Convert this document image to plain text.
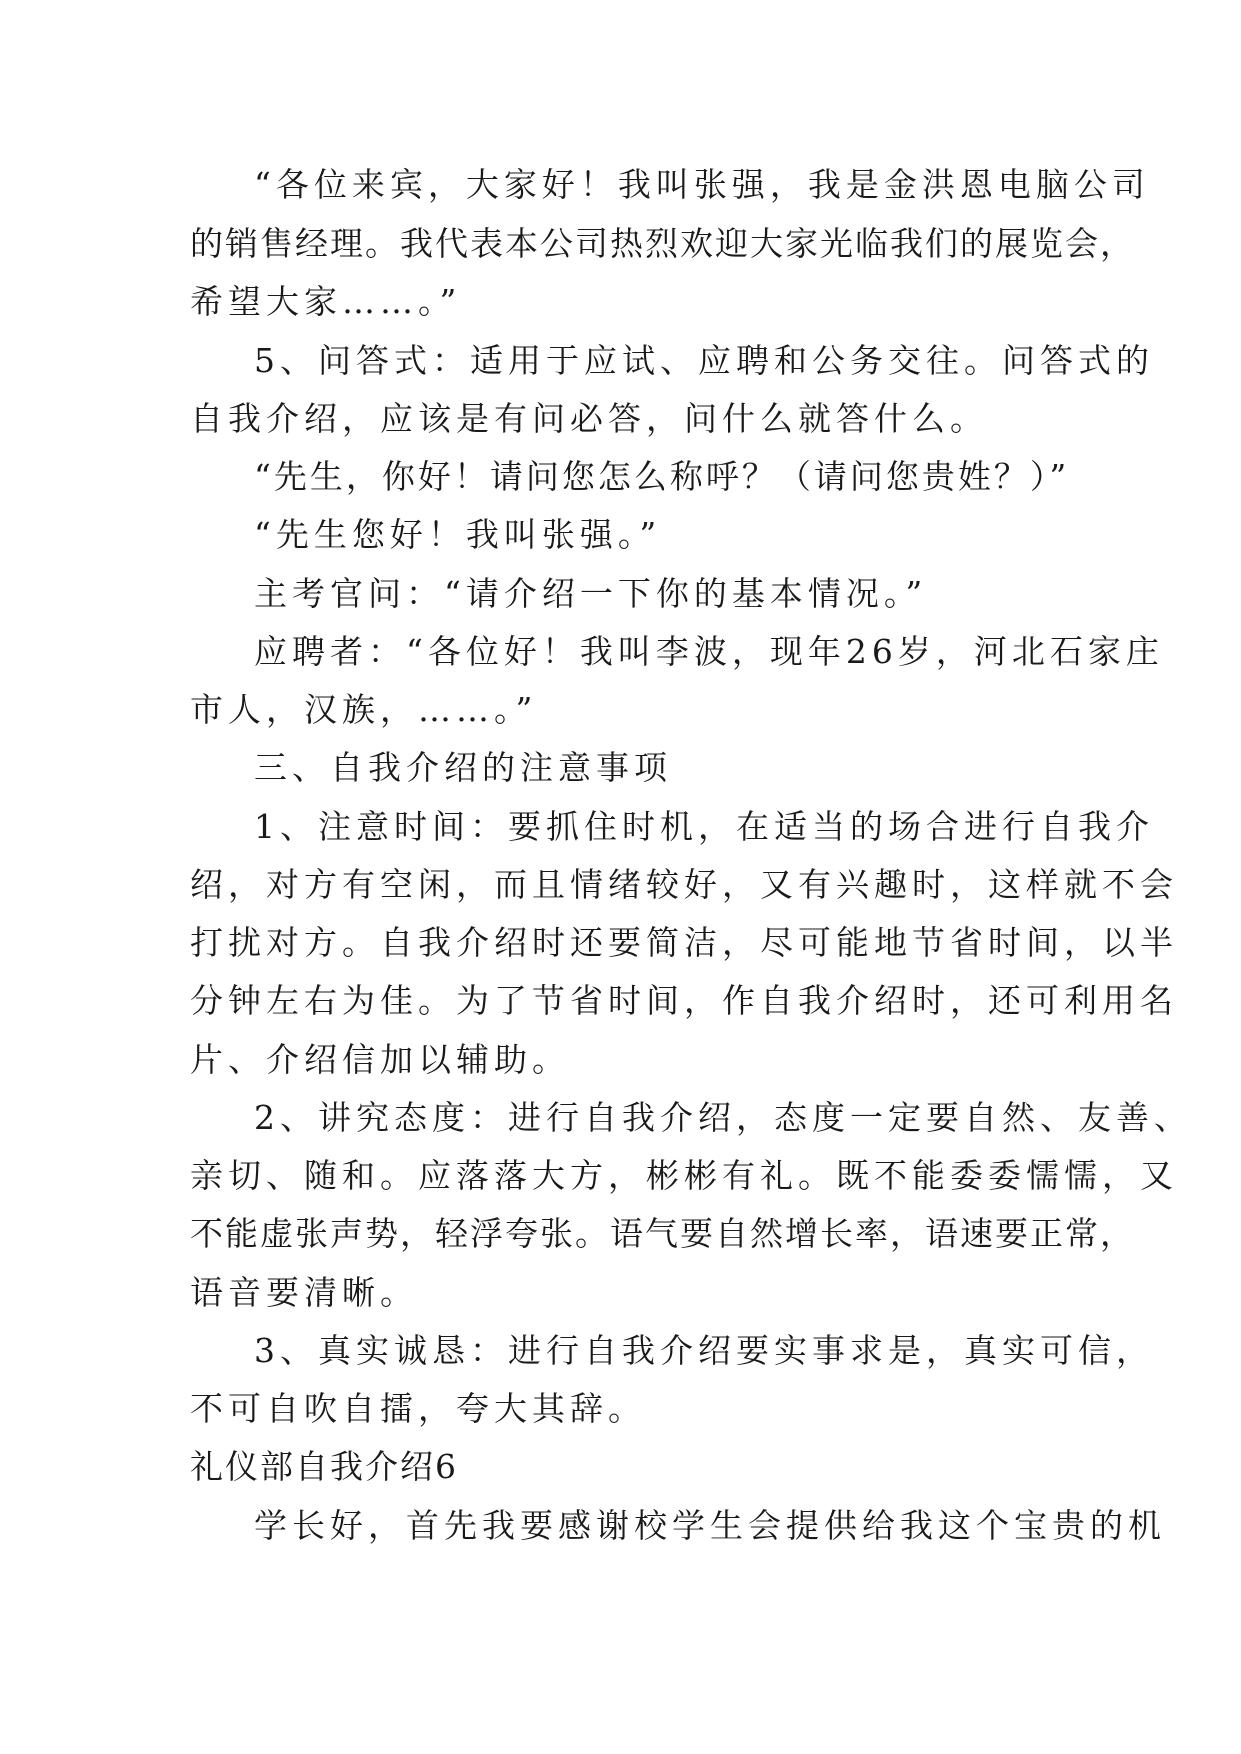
“各位来宾，大家好！我叫张强，我是金洪恩电脑公司
的销售经理。我代表本公司热烈欢迎大家光临我们的展览会，
希望大家……。”
5、问答式：适用于应试、应聘和公务交往。问答式的
自我介绍，应该是有问必答，问什么就答什么。
“先生，你好！请问您怎么称呼？（请问您贵姓？）”
“先生您好！我叫张强。”
主考官问：“请介绍一下你的基本情况。”
应聘者：“各位好！我叫李波，现年26岁，河北石家庄
市人，汉族，……。”
三、自我介绍的注意事项
1、注意时间：要抓住时机，在适当的场合进行自我介
绍，对方有空闲，而且情绪较好，又有兴趣时，这样就不会
打扰对方。自我介绍时还要简洁，尽可能地节省时间，以半
分钟左右为佳。为了节省时间，作自我介绍时，还可利用名
片、介绍信加以辅助。
2、讲究态度：进行自我介绍，态度一定要自然、友善、
亲切、随和。应落落大方，彬彬有礼。既不能委委懦懦，又
不能虚张声势，轻浮夸张。语气要自然增长率，语速要正常，
语音要清晰。
3、真实诚恳：进行自我介绍要实事求是，真实可信，
不可自吹自擂，夸大其辞。
礼仪部自我介绍6
学长好，首先我要感谢校学生会提供给我这个宝贵的机
